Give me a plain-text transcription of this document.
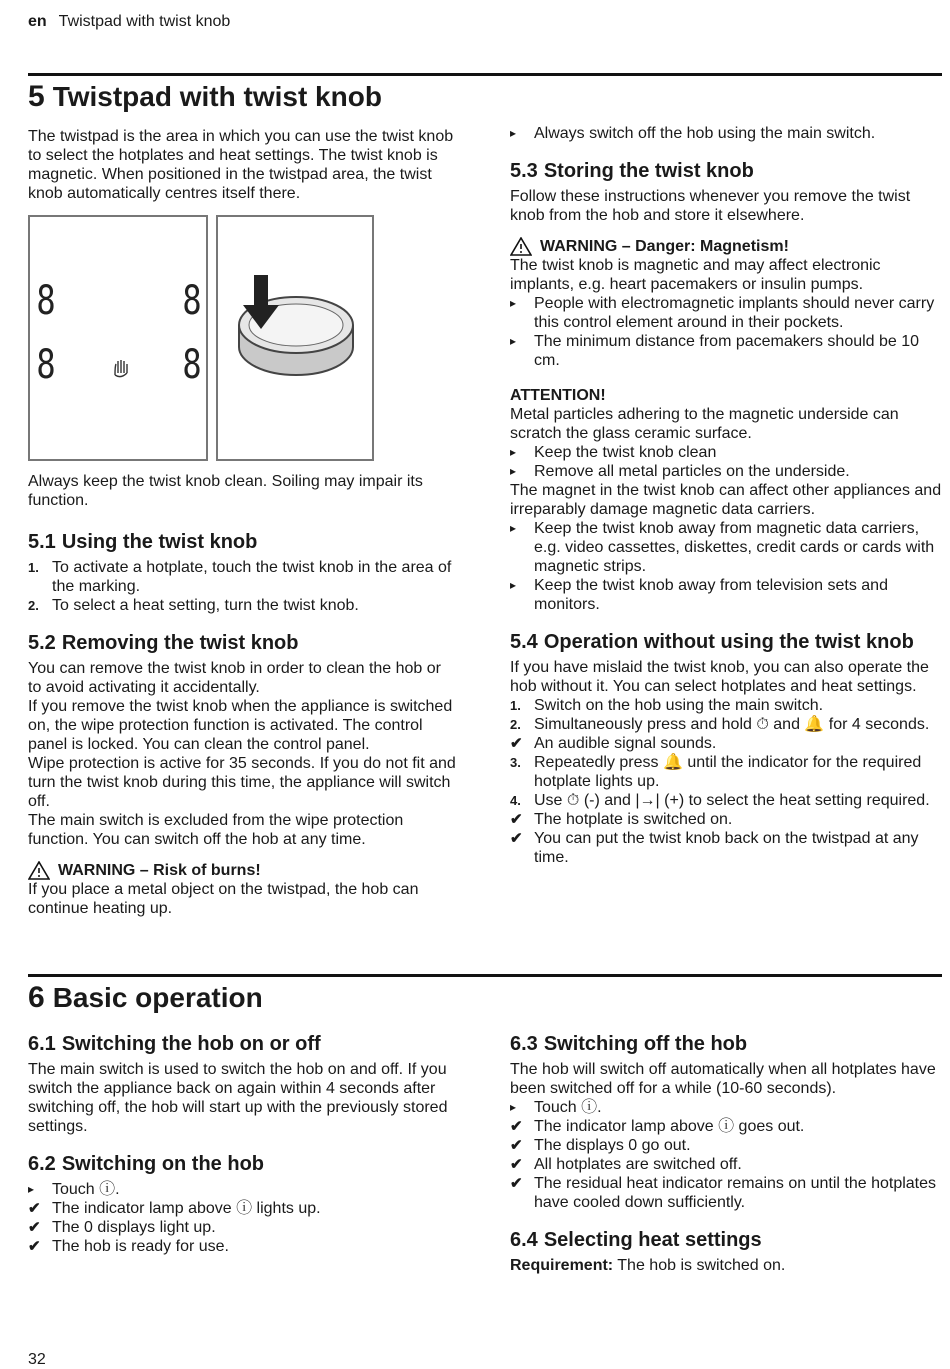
en Twistpad with twist knob
5 Twistpad with twist knob

The twistpad is the area in which you can use the twist knob to select the hotplates and heat settings. The twist knob is magnetic. When positioned in the twistpad area, the twist knob automatically centres itself there.

8	8
8	8

Always keep the twist knob clean. Soiling may impair its function.

5.1 Using the twist knob
1. To activate a hotplate, touch the twist knob in the area of the marking.
2. To select a heat setting, turn the twist knob.
5.2 Removing the twist knob

You can remove the twist knob in order to clean the hob or to avoid activating it accidentally.

If you remove the twist knob when the appliance is switched on, the wipe protection function is activated. The control panel is locked. You can clean the control panel.

Wipe protection is active for 35 seconds. If you do not fit and turn the twist knob during this time, the appliance will switch off.

The main switch is excluded from the wipe protection function. You can switch off the hob at any time.

WARNING – Risk of burns!

If you place a metal object on the twistpad, the hob can continue heating up.

▸	Always switch off the hob using the main switch.
5.3 Storing the twist knob

Follow these instructions whenever you remove the twist knob from the hob and store it elsewhere.

WARNING – Danger: Magnetism!

The twist knob is magnetic and may affect electronic implants, e.g. heart pacemakers or insulin pumps.

▸	People with electromagnetic implants should never carry this control element around in their pockets.
▸	The minimum distance from pacemakers should be 10 cm.

ATTENTION!

Metal particles adhering to the magnetic underside can scratch the glass ceramic surface.

▸	Keep the twist knob clean
▸	Remove all metal particles on the underside.

The magnet in the twist knob can affect other appliances and irreparably damage magnetic data carriers.

▸	Keep the twist knob away from magnetic data carriers, e.g. video cassettes, diskettes, credit cards or cards with magnetic strips.
▸	Keep the twist knob away from television sets and monitors.
5.4 Operation without using the twist knob

If you have mislaid the twist knob, you can also operate the hob without it. You can select hotplates and heat settings.

1. Switch on the hob using the main switch.
2. Simultaneously press and hold ⏱ and 🔔 for 4 seconds.
✔ An audible signal sounds.
3. Repeatedly press 🔔 until the indicator for the required hotplate lights up.
4. Use ⏱ (-) and |→| (+) to select the heat setting required.
✔ The hotplate is switched on.
✔ You can put the twist knob back on the twistpad at any time.
6 Basic operation
6.1 Switching the hob on or off

The main switch is used to switch the hob on and off. If you switch the appliance back on again within 4 seconds after switching off, the hob will start up with the previously stored settings.

6.2 Switching on the hob
▸	Touch ⓘ.
✔ The indicator lamp above ⓘ lights up.
✔ The 0 displays light up.
✔ The hob is ready for use.
6.3 Switching off the hob

The hob will switch off automatically when all hotplates have been switched off for a while (10-60 seconds).

▸	Touch ⓘ.
✔ The indicator lamp above ⓘ goes out.
✔ The displays 0 go out.
✔ All hotplates are switched off.
✔ The residual heat indicator remains on until the hotplates have cooled down sufficiently.
6.4 Selecting heat settings

Requirement: The hob is switched on.

32
